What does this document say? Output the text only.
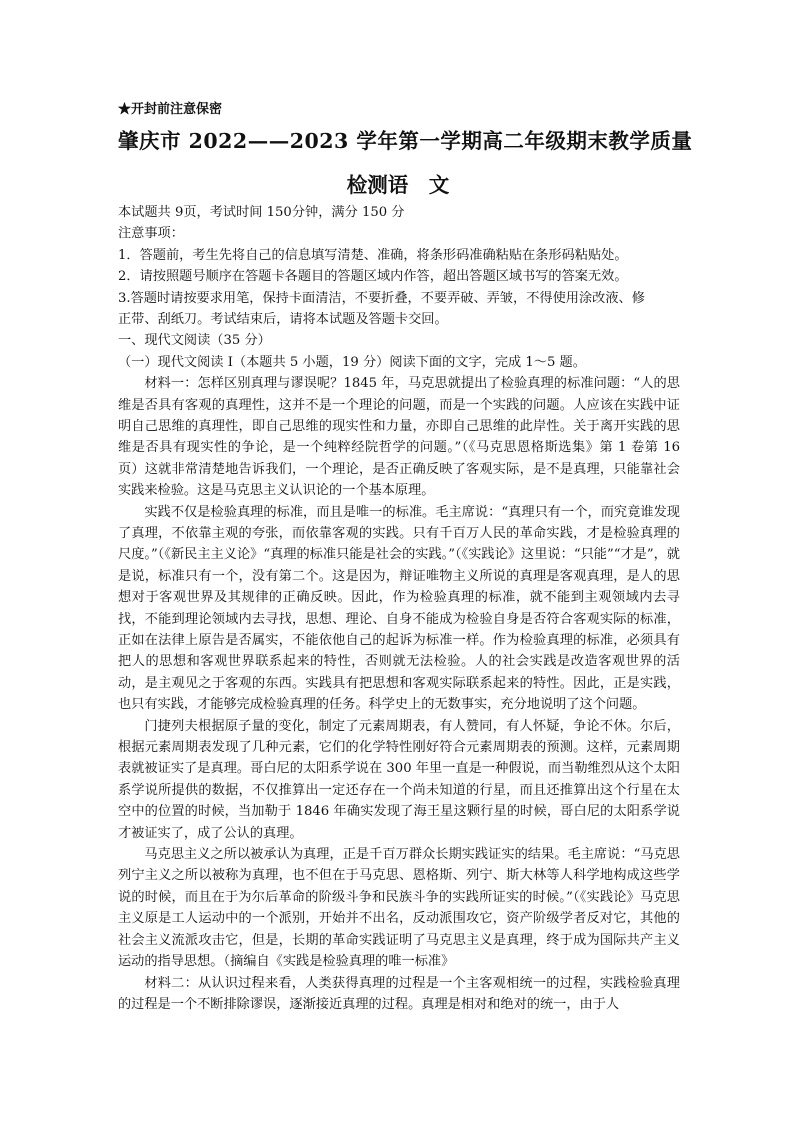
★开封前注意保密
肇庆市 2022——2023 学年第一学期高二年级期末教学质量
检测语　文
本试题共 9页，考试时间 150分钟，满分 150 分
注意事项：
1．答题前，考生先将自己的信息填写清楚、准确，将条形码准确粘贴在条形码粘贴处。
2．请按照题号顺序在答题卡各题目的答题区域内作答，超出答题区域书写的答案无效。
3.答题时请按要求用笔，保持卡面清洁，不要折叠，不要弄破、弄皱，不得使用涂改液、修
正带、刮纸刀。考试结束后，请将本试题及答题卡交回。
一、现代文阅读（35 分）
（一）现代文阅读 I（本题共 5 小题，19 分）阅读下面的文字，完成 1～5 题。
材料一：怎样区别真理与谬误呢？1845 年，马克思就提出了检验真理的标准问题：“人的思维是否具有客观的真理性，这并不是一个理论的问题，而是一个实践的问题。人应该在实践中证明自己思维的真理性，即自己思维的现实性和力量，亦即自己思维的此岸性。关于离开实践的思维是否具有现实性的争论，是一个纯粹经院哲学的问题。”（《马克思恩格斯选集》第 1 卷第 16 页）这就非常清楚地告诉我们，一个理论，是否正确反映了客观实际，是不是真理，只能靠社会实践来检验。这是马克思主义认识论的一个基本原理。
实践不仅是检验真理的标准，而且是唯一的标准。毛主席说：“真理只有一个，而究竟谁发现了真理，不依靠主观的夸张，而依靠客观的实践。只有千百万人民的革命实践，才是检验真理的尺度。”（《新民主主义论》“真理的标准只能是社会的实践。”（《实践论》这里说：“只能”“才是”，就是说，标准只有一个，没有第二个。这是因为，辩证唯物主义所说的真理是客观真理，是人的思想对于客观世界及其规律的正确反映。因此，作为检验真理的标准，就不能到主观领域内去寻找，不能到理论领域内去寻找，思想、理论、自身不能成为检验自身是否符合客观实际的标准，正如在法律上原告是否属实，不能依他自己的起诉为标准一样。作为检验真理的标准，必须具有把人的思想和客观世界联系起来的特性，否则就无法检验。人的社会实践是改造客观世界的活动，是主观见之于客观的东西。实践具有把思想和客观实际联系起来的特性。因此，正是实践，也只有实践，才能够完成检验真理的任务。科学史上的无数事实，充分地说明了这个问题。
门捷列夫根据原子量的变化，制定了元素周期表，有人赞同，有人怀疑，争论不休。尔后，根据元素周期表发现了几种元素，它们的化学特性刚好符合元素周期表的预测。这样，元素周期表就被证实了是真理。哥白尼的太阳系学说在 300 年里一直是一种假说，而当勒维烈从这个太阳系学说所提供的数据，不仅推算出一定还存在一个尚未知道的行星，而且还推算出这个行星在太空中的位置的时候，当加勒于 1846 年确实发现了海王星这颗行星的时候，哥白尼的太阳系学说才被证实了，成了公认的真理。
马克思主义之所以被承认为真理，正是千百万群众长期实践证实的结果。毛主席说：“马克思列宁主义之所以被称为真理，也不但在于马克思、恩格斯、列宁、斯大林等人科学地构成这些学说的时候，而且在于为尔后革命的阶级斗争和民族斗争的实践所证实的时候。”（《实践论》马克思主义原是工人运动中的一个派别，开始并不出名，反动派围攻它，资产阶级学者反对它，其他的社会主义流派攻击它，但是，长期的革命实践证明了马克思主义是真理，终于成为国际共产主义运动的指导思想。（摘编自《实践是检验真理的唯一标准》
材料二：从认识过程来看，人类获得真理的过程是一个主客观相统一的过程，实践检验真理的过程是一个不断排除谬误，逐渐接近真理的过程。真理是相对和绝对的统一，由于人
